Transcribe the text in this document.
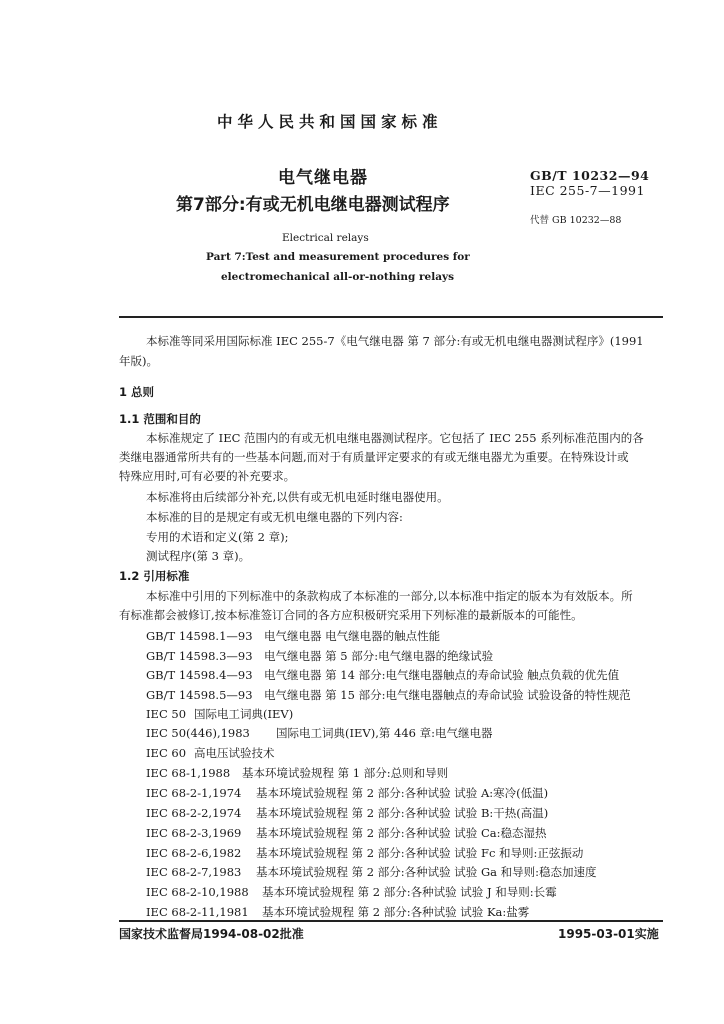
中华人民共和国国家标准
电气继电器
第7部分:有或无机电继电器测试程序
GB/T 10232—94
IEC 255-7—1991
代替 GB 10232—88
Electrical relays
Part 7:Test and measurement procedures for
electromechanical all-or-nothing relays
本标准等同采用国际标准 IEC 255-7《电气继电器 第 7 部分:有或无机电继电器测试程序》(1991
年版)。
1 总则
1.1 范围和目的
本标准规定了 IEC 范围内的有或无机电继电器测试程序。它包括了 IEC 255 系列标准范围内的各
类继电器通常所共有的一些基本问题,而对于有质量评定要求的有或无继电器尤为重要。在特殊设计或
特殊应用时,可有必要的补充要求。
本标准将由后续部分补充,以供有或无机电延时继电器使用。
本标准的目的是规定有或无机电继电器的下列内容:
专用的术语和定义(第 2 章);
测试程序(第 3 章)。
1.2 引用标准
本标准中引用的下列标准中的条款构成了本标准的一部分,以本标准中指定的版本为有效版本。所
有标准都会被修订,按本标准签订合同的各方应积极研究采用下列标准的最新版本的可能性。
GB/T 14598.1—93 电气继电器 电气继电器的触点性能
GB/T 14598.3—93 电气继电器 第 5 部分:电气继电器的绝缘试验
GB/T 14598.4—93 电气继电器 第 14 部分:电气继电器触点的寿命试验 触点负载的优先值
GB/T 14598.5—93 电气继电器 第 15 部分:电气继电器触点的寿命试验 试验设备的特性规范
IEC 50 国际电工词典(IEV)
IEC 50(446),1983 国际电工词典(IEV),第 446 章:电气继电器
IEC 60 高电压试验技术
IEC 68-1,1988 基本环境试验规程 第 1 部分:总则和导则
IEC 68-2-1,1974 基本环境试验规程 第 2 部分:各种试验 试验 A:寒冷(低温)
IEC 68-2-2,1974 基本环境试验规程 第 2 部分:各种试验 试验 B:干热(高温)
IEC 68-2-3,1969 基本环境试验规程 第 2 部分:各种试验 试验 Ca:稳态湿热
IEC 68-2-6,1982 基本环境试验规程 第 2 部分:各种试验 试验 Fc 和导则:正弦振动
IEC 68-2-7,1983 基本环境试验规程 第 2 部分:各种试验 试验 Ga 和导则:稳态加速度
IEC 68-2-10,1988 基本环境试验规程 第 2 部分:各种试验 试验 J 和导则:长霉
IEC 68-2-11,1981 基本环境试验规程 第 2 部分:各种试验 试验 Ka:盐雾
国家技术监督局1994-08-02批准	1995-03-01实施
